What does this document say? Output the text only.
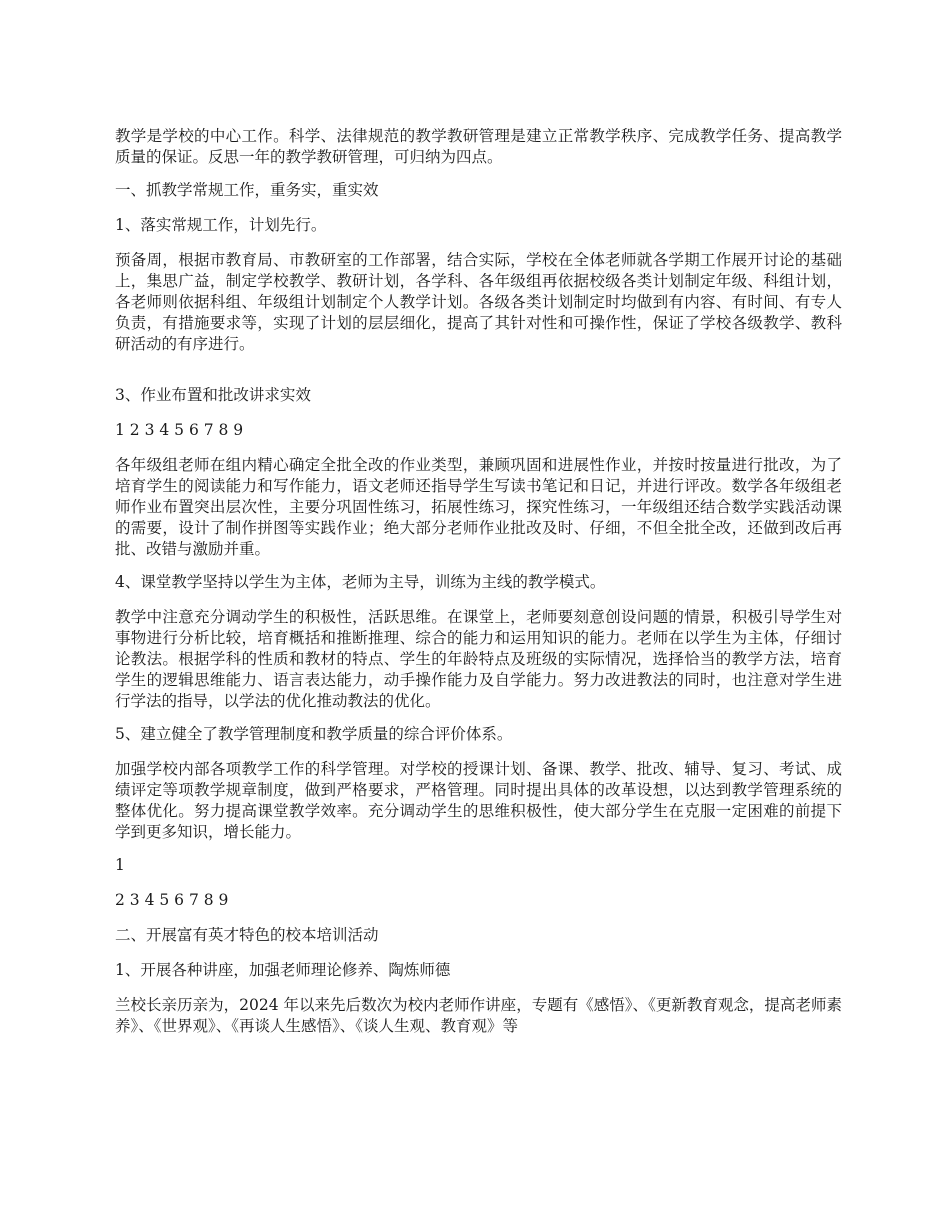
教学是学校的中心工作。科学、法律规范的教学教研管理是建立正常教学秩序、完成教学任务、提高教学质量的保证。反思一年的教学教研管理，可归纳为四点。

一、抓教学常规工作，重务实，重实效

1、落实常规工作，计划先行。

预备周，根据市教育局、市教研室的工作部署，结合实际，学校在全体老师就各学期工作展开讨论的基础上，集思广益，制定学校教学、教研计划，各学科、各年级组再依据校级各类计划制定年级、科组计划，各老师则依据科组、年级组计划制定个人教学计划。各级各类计划制定时均做到有内容、有时间、有专人负责，有措施要求等，实现了计划的层层细化，提高了其针对性和可操作性，保证了学校各级教学、教科研活动的有序进行。

3、作业布置和批改讲求实效

1 2 3 4 5 6 7 8 9

各年级组老师在组内精心确定全批全改的作业类型，兼顾巩固和进展性作业，并按时按量进行批改，为了培育学生的阅读能力和写作能力，语文老师还指导学生写读书笔记和日记，并进行评改。数学各年级组老师作业布置突出层次性，主要分巩固性练习，拓展性练习，探究性练习，一年级组还结合数学实践活动课的需要，设计了制作拼图等实践作业；绝大部分老师作业批改及时、仔细，不但全批全改，还做到改后再批、改错与激励并重。

4、课堂教学坚持以学生为主体，老师为主导，训练为主线的教学模式。

教学中注意充分调动学生的积极性，活跃思维。在课堂上，老师要刻意创设问题的情景，积极引导学生对事物进行分析比较，培育概括和推断推理、综合的能力和运用知识的能力。老师在以学生为主体，仔细讨论教法。根据学科的性质和教材的特点、学生的年龄特点及班级的实际情况，选择恰当的教学方法，培育学生的逻辑思维能力、语言表达能力，动手操作能力及自学能力。努力改进教法的同时，也注意对学生进行学法的指导，以学法的优化推动教法的优化。

5、建立健全了教学管理制度和教学质量的综合评价体系。

加强学校内部各项教学工作的科学管理。对学校的授课计划、备课、教学、批改、辅导、复习、考试、成绩评定等项教学规章制度，做到严格要求，严格管理。同时提出具体的改革设想，以达到教学管理系统的整体优化。努力提高课堂教学效率。充分调动学生的思维积极性，使大部分学生在克服一定困难的前提下学到更多知识，增长能力。

1

2 3 4 5 6 7 8 9

二、开展富有英才特色的校本培训活动

1、开展各种讲座，加强老师理论修养、陶炼师德

兰校长亲历亲为，2024 年以来先后数次为校内老师作讲座，专题有《感悟》、《更新教育观念，提高老师素养》、《世界观》、《再谈人生感悟》、《谈人生观、教育观》等
